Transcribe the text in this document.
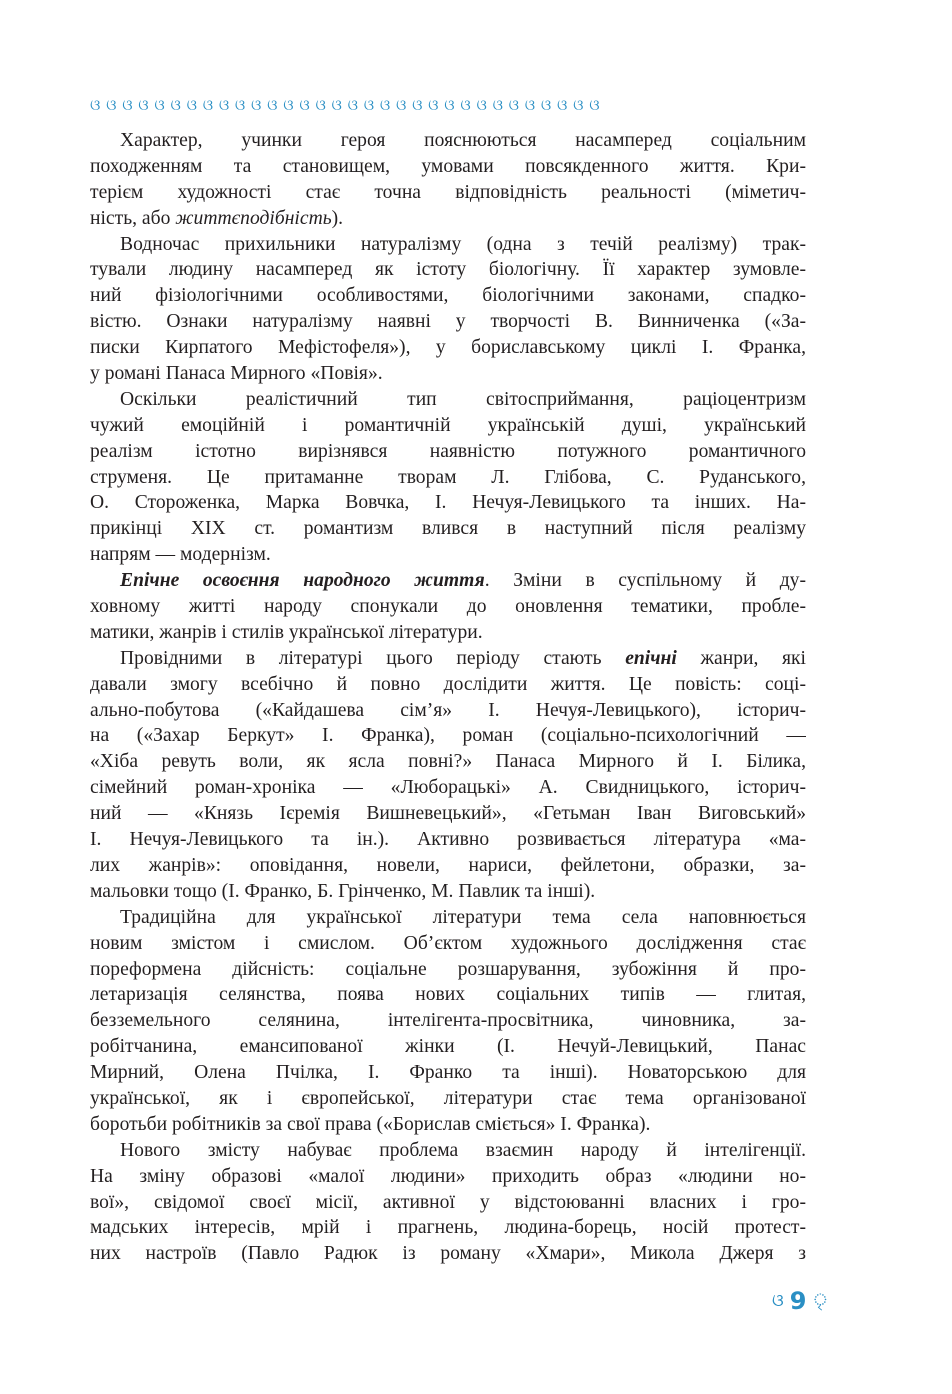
ଓ ଓ ଓ ଓ ଓ ଓ ଓ ଓ ଓ ଓ ଓ ଓ ଓ ଓ ଓ ଓ ଓ ଓ ଓ ଓ ଓ ଓ ଓ ଓ ଓ ଓ ଓ ଓ ଓ ଓ ଓ ଓ
Характер, учинки героя пояснюються насамперед соціальним
походженням та становищем, умовами повсякденного життя. Кри-
терієм художності стає точна відповідність реальності (міметич-
ність, або життєподібність).
Водночас прихильники натуралізму (одна з течій реалізму) трак-
тували людину насамперед як істоту біологічну. Її характер зумовле-
ний фізіологічними особливостями, біологічними законами, спадко-
вістю. Ознаки натуралізму наявні у творчості В. Винниченка («За-
писки Кирпатого Мефістофеля»), у бориславському циклі І. Франка,
у романі Панаса Мирного «Повія».
Оскільки реалістичний тип світосприймання, раціоцентризм
чужий емоційній і романтичній українській душі, український
реалізм істотно вирізнявся наявністю потужного романтичного
струменя. Це притаманне творам Л. Глібова, С. Руданського,
О. Стороженка, Марка Вовчка, І. Нечуя-Левицького та інших. На-
прикінці XIX ст. романтизм влився в наступний після реалізму
напрям — модернізм.
Епічне освоєння народного життя. Зміни в суспільному й ду-
ховному житті народу спонукали до оновлення тематики, пробле-
матики, жанрів і стилів української літератури.
Провідними в літературі цього періоду стають епічні жанри, які
давали змогу всебічно й повно дослідити життя. Це повість: соці-
ально-побутова («Кайдашева сім’я» І. Нечуя-Левицького), історич-
на («Захар Беркут» І. Франка), роман (соціально-психологічний —
«Хіба ревуть воли, як ясла повні?» Панаса Мирного й І. Білика,
сімейний роман-хроніка — «Люборацькі» А. Свидницького, історич-
ний — «Князь Ієремія Вишневецький», «Гетьман Іван Виговський»
І. Нечуя-Левицького та ін.). Активно розвивається література «ма-
лих жанрів»: оповідання, новели, нариси, фейлетони, образки, за-
мальовки тощо (І. Франко, Б. Грінченко, М. Павлик та інші).
Традиційна для української літератури тема села наповнюється
новим змістом і смислом. Об’єктом художнього дослідження стає
пореформена дійсність: соціальне розшарування, зубожіння й про-
летаризація селянства, поява нових соціальних типів — глитая,
безземельного селянина, інтелігента-просвітника, чиновника, за-
робітчанина, емансипованої жінки (І. Нечуй-Левицький, Панас
Мирний, Олена Пчілка, І. Франко та інші). Новаторською для
української, як і європейської, літератури стає тема організованої
боротьби робітників за свої права («Борислав сміється» І. Франка).
Нового змісту набуває проблема взаємин народу й інтелігенції.
На зміну образові «малої людини» приходить образ «людини но-
вої», свідомої своєї місії, активної у відстоюванні власних і гро-
мадських інтересів, мрій і прагнень, людина-борець, носій протест-
них настроїв (Павло Радюк із роману «Хмари», Микола Джеря з
ଓ 9 ৃ
